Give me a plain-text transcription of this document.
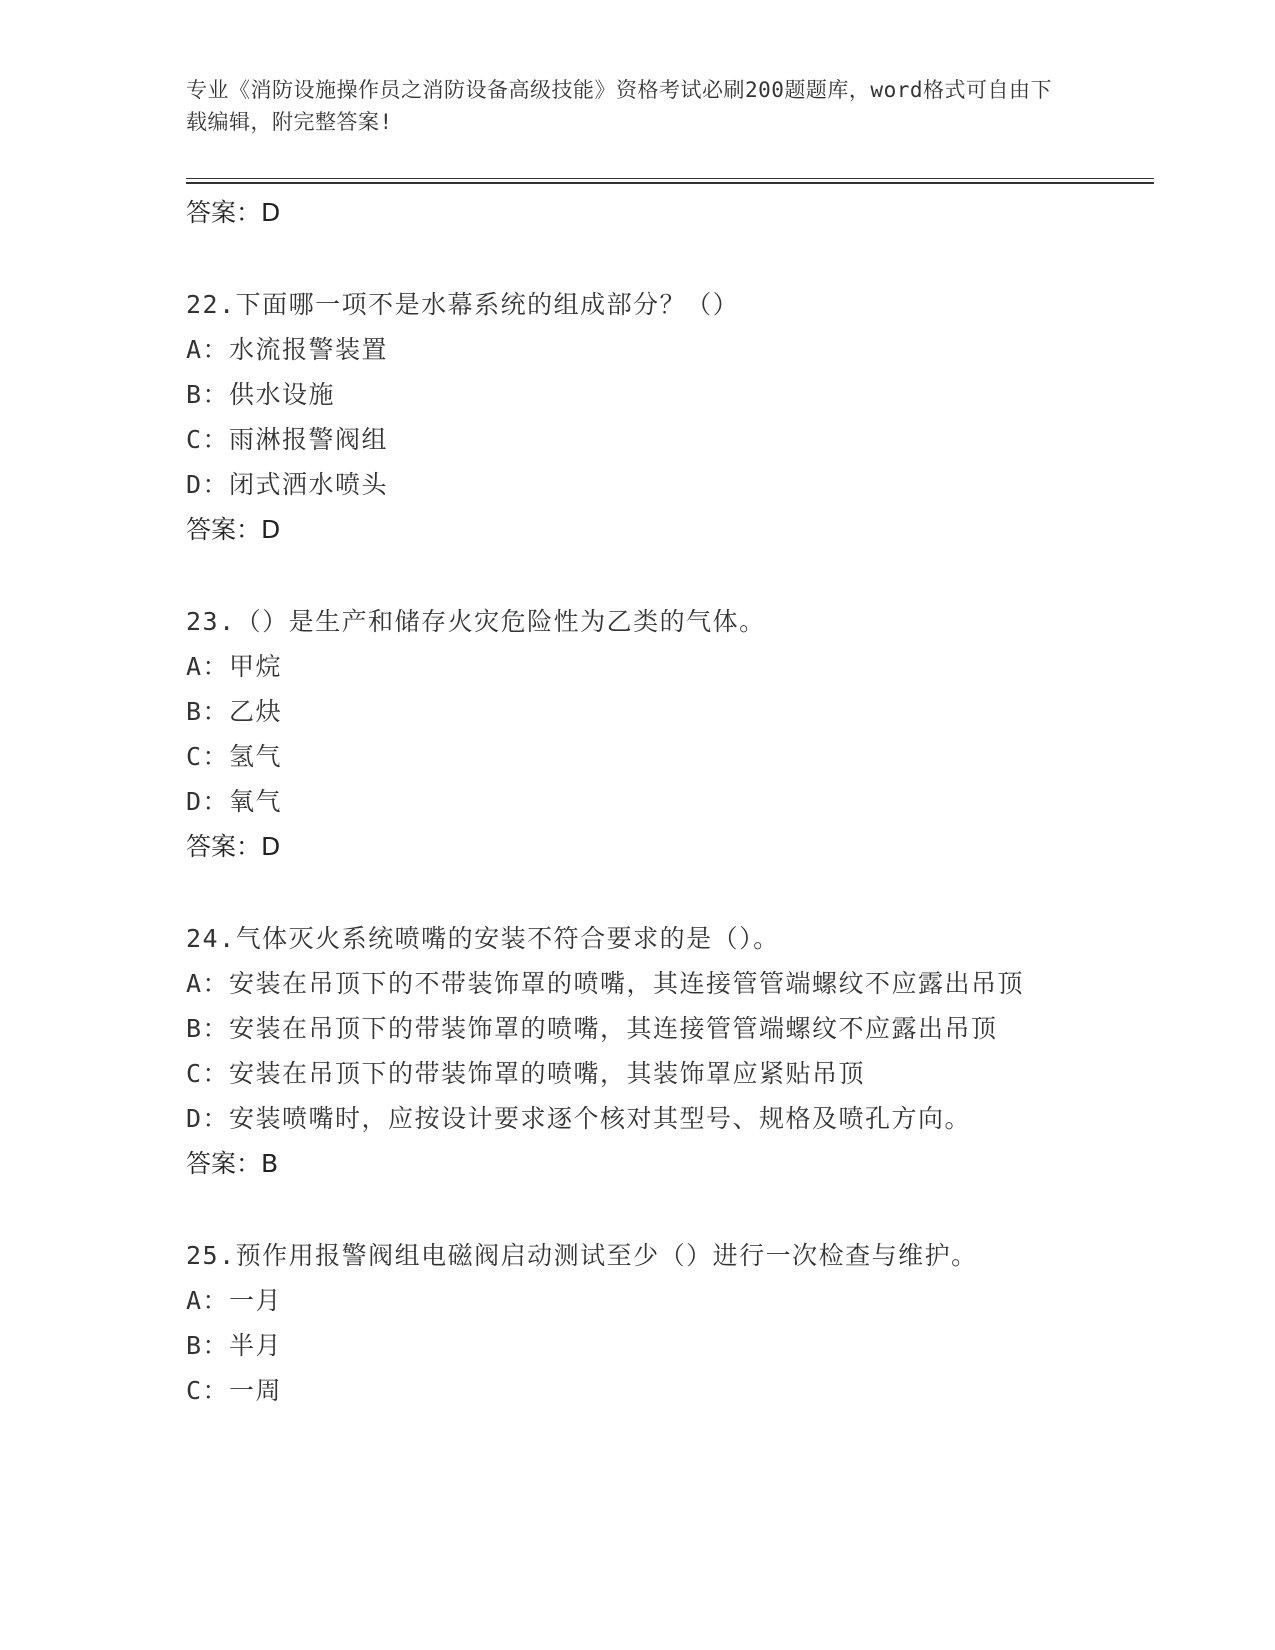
专业《消防设施操作员之消防设备高级技能》资格考试必刷200题题库，word格式可自由下载编辑，附完整答案!
答案：D
22.下面哪一项不是水幕系统的组成部分？（）
A：水流报警装置
B：供水设施
C：雨淋报警阀组
D：闭式洒水喷头
答案：D
23.（）是生产和储存火灾危险性为乙类的气体。
A：甲烷
B：乙炔
C：氢气
D：氧气
答案：D
24.气体灭火系统喷嘴的安装不符合要求的是（）。
A：安装在吊顶下的不带装饰罩的喷嘴，其连接管管端螺纹不应露出吊顶
B：安装在吊顶下的带装饰罩的喷嘴，其连接管管端螺纹不应露出吊顶
C：安装在吊顶下的带装饰罩的喷嘴，其装饰罩应紧贴吊顶
D：安装喷嘴时，应按设计要求逐个核对其型号、规格及喷孔方向。
答案：B
25.预作用报警阀组电磁阀启动测试至少（）进行一次检查与维护。
A：一月
B：半月
C：一周
